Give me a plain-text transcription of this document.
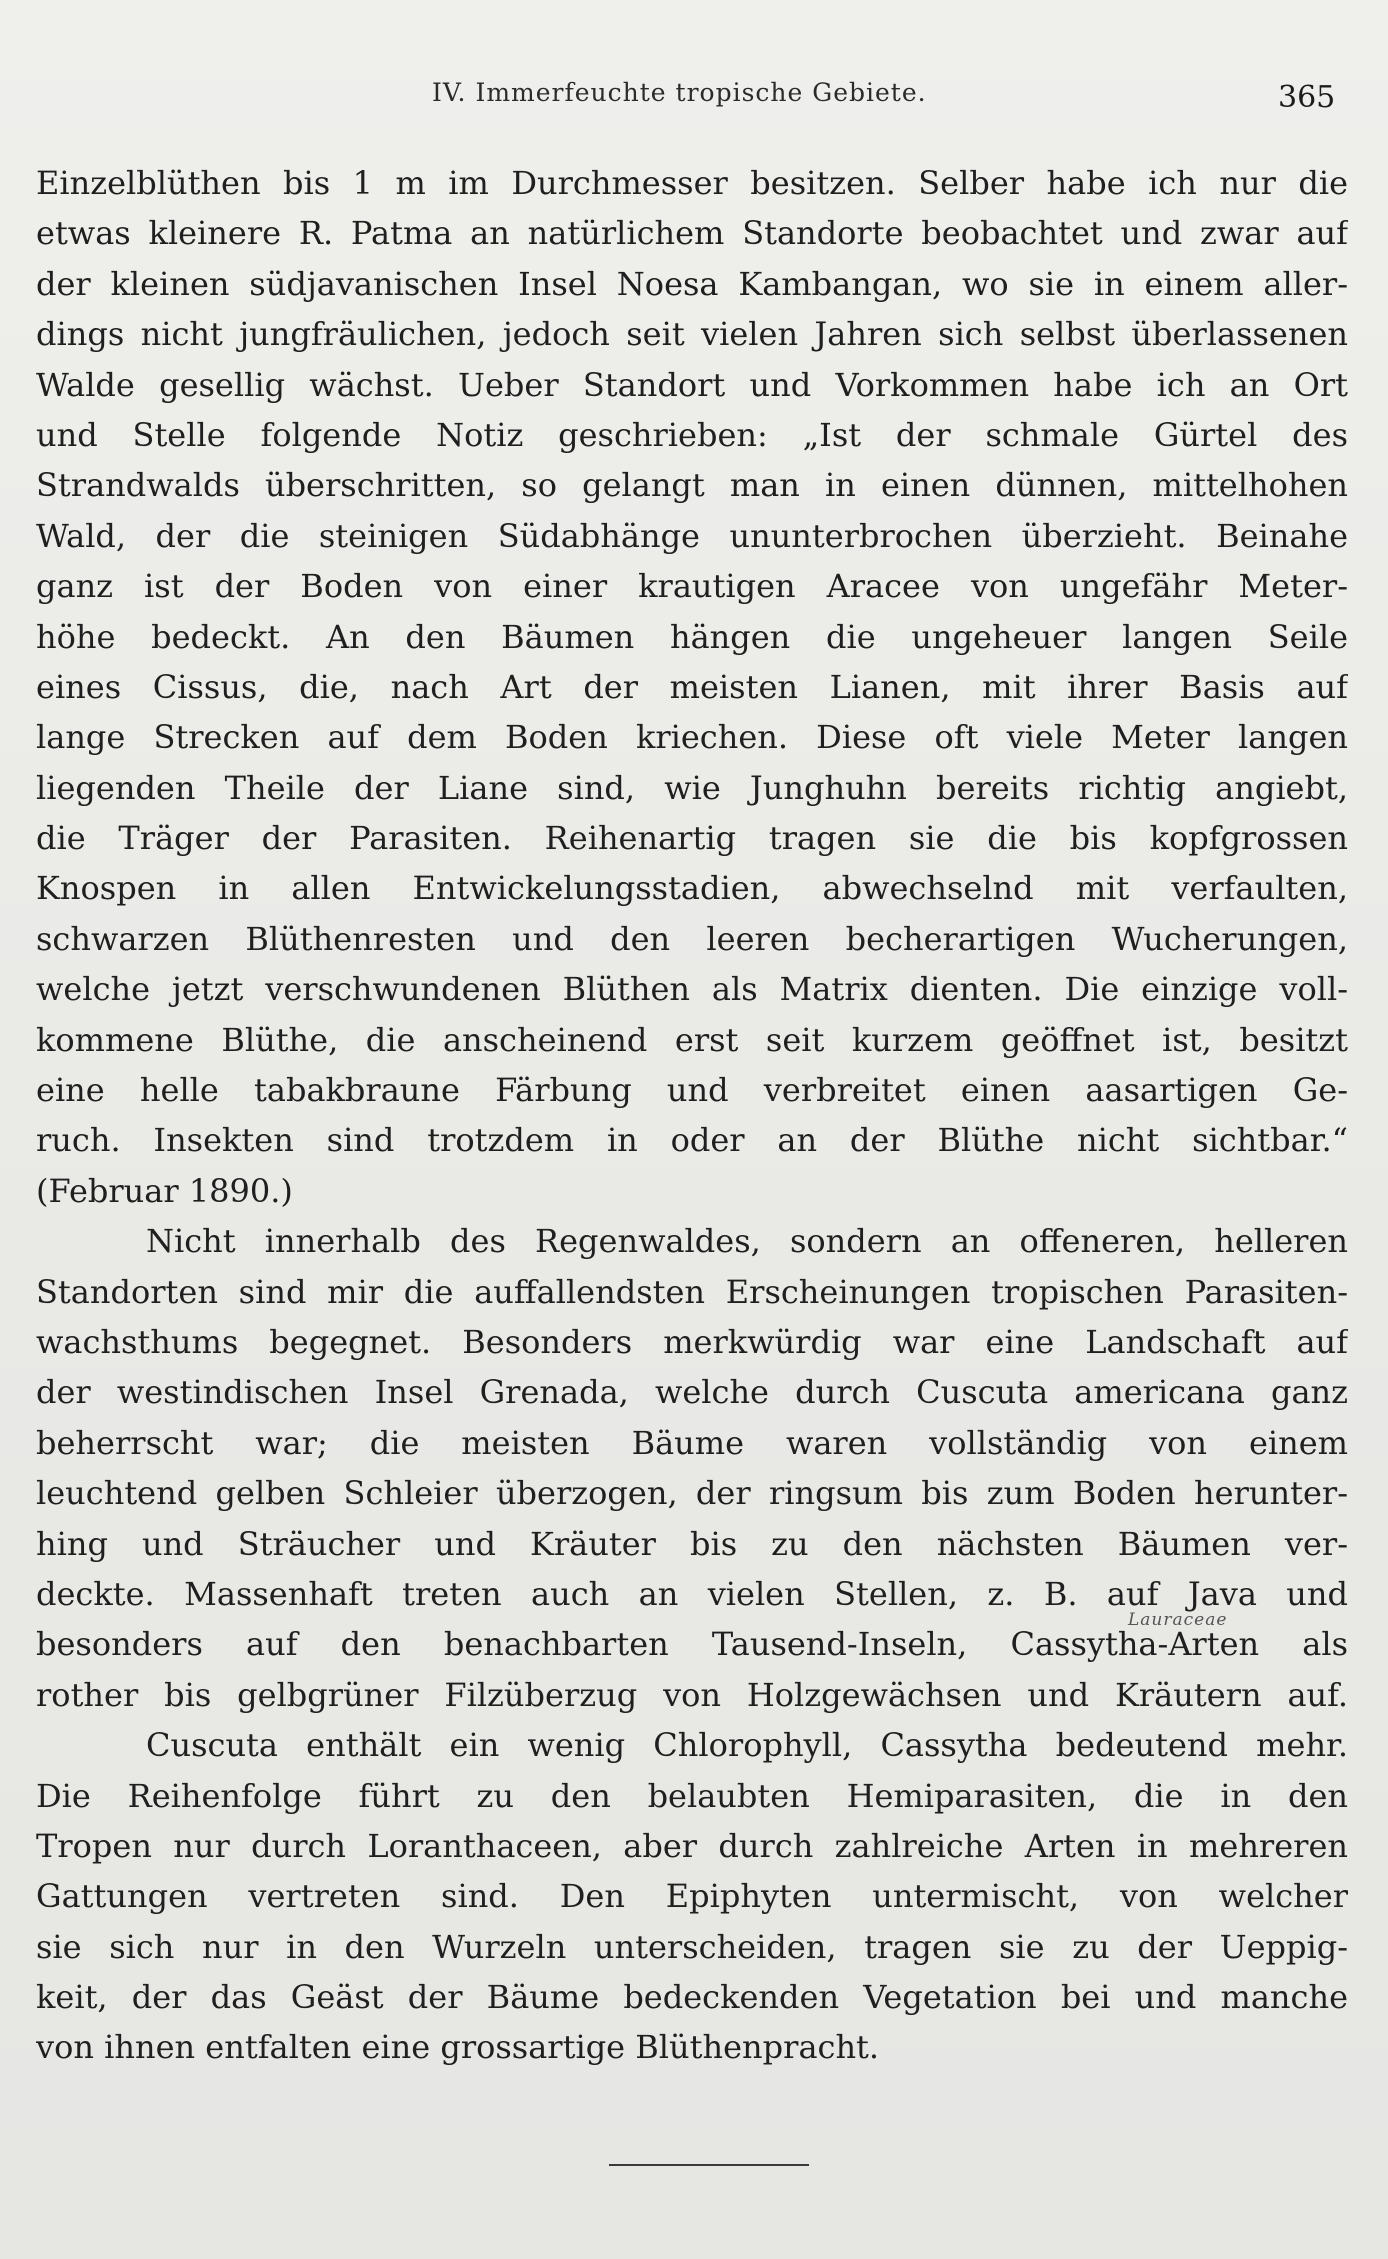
IV. Immerfeuchte tropische Gebiete.	365
Einzelblüthen bis 1 m im Durchmesser besitzen. Selber habe ich nur die
etwas kleinere R. Patma an natürlichem Standorte beobachtet und zwar auf
der kleinen südjavanischen Insel Noesa Kambangan, wo sie in einem aller-
dings nicht jungfräulichen, jedoch seit vielen Jahren sich selbst überlassenen
Walde gesellig wächst. Ueber Standort und Vorkommen habe ich an Ort
und Stelle folgende Notiz geschrieben: „Ist der schmale Gürtel des
Strandwalds überschritten, so gelangt man in einen dünnen, mittelhohen
Wald, der die steinigen Südabhänge ununterbrochen überzieht. Beinahe
ganz ist der Boden von einer krautigen Aracee von ungefähr Meter-
höhe bedeckt. An den Bäumen hängen die ungeheuer langen Seile
eines Cissus, die, nach Art der meisten Lianen, mit ihrer Basis auf
lange Strecken auf dem Boden kriechen. Diese oft viele Meter langen
liegenden Theile der Liane sind, wie Junghuhn bereits richtig angiebt,
die Träger der Parasiten. Reihenartig tragen sie die bis kopfgrossen
Knospen in allen Entwickelungsstadien, abwechselnd mit verfaulten,
schwarzen Blüthenresten und den leeren becherartigen Wucherungen,
welche jetzt verschwundenen Blüthen als Matrix dienten. Die einzige voll-
kommene Blüthe, die anscheinend erst seit kurzem geöffnet ist, besitzt
eine helle tabakbraune Färbung und verbreitet einen aasartigen Ge-
ruch. Insekten sind trotzdem in oder an der Blüthe nicht sichtbar.“
(Februar 1890.)
Nicht innerhalb des Regenwaldes, sondern an offeneren, helleren
Standorten sind mir die auffallendsten Erscheinungen tropischen Parasiten-
wachsthums begegnet. Besonders merkwürdig war eine Landschaft auf
der westindischen Insel Grenada, welche durch Cuscuta americana ganz
beherrscht war; die meisten Bäume waren vollständig von einem
leuchtend gelben Schleier überzogen, der ringsum bis zum Boden herunter-
hing und Sträucher und Kräuter bis zu den nächsten Bäumen ver-
deckte. Massenhaft treten auch an vielen Stellen, z. B. auf Java und
besonders auf den benachbarten Tausend-Inseln, Cassytha-Arten als
rother bis gelbgrüner Filzüberzug von Holzgewächsen und Kräutern auf.
Cuscuta enthält ein wenig Chlorophyll, Cassytha bedeutend mehr.
Die Reihenfolge führt zu den belaubten Hemiparasiten, die in den
Tropen nur durch Loranthaceen, aber durch zahlreiche Arten in mehreren
Gattungen vertreten sind. Den Epiphyten untermischt, von welcher
sie sich nur in den Wurzeln unterscheiden, tragen sie zu der Ueppig-
keit, der das Geäst der Bäume bedeckenden Vegetation bei und manche
von ihnen entfalten eine grossartige Blüthenpracht.
Lauraceae
